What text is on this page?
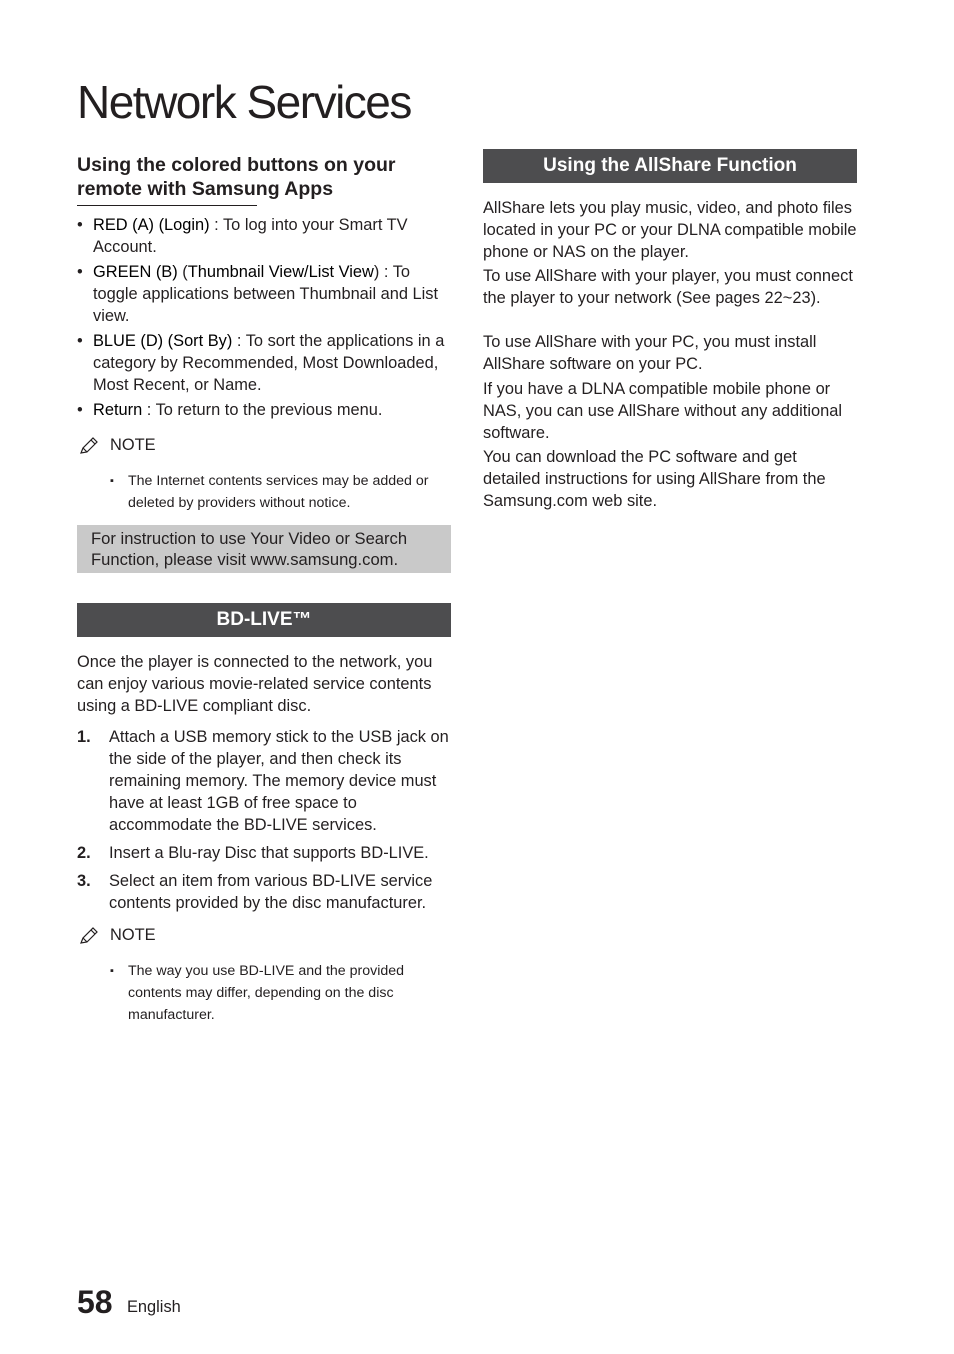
Network Services
Using the colored buttons on your remote with Samsung Apps
• RED (A) (Login) : To log into your Smart TV Account.
• GREEN (B) (Thumbnail View/List View) : To toggle applications between Thumbnail and List view.
• BLUE (D) (Sort By) : To sort the applications in a category by Recommended, Most Downloaded, Most Recent, or Name.
• Return : To return to the previous menu.
NOTE
▪ The Internet contents services may be added or deleted by providers without notice.
For instruction to use Your Video or Search Function, please visit www.samsung.com.
BD-LIVE™

Once the player is connected to the network, you can enjoy various movie-related service contents using a BD-LIVE compliant disc.

1. Attach a USB memory stick to the USB jack on the side of the player, and then check its remaining memory. The memory device must have at least 1GB of free space to accommodate the BD-LIVE services.
2. Insert a Blu-ray Disc that supports BD-LIVE.
3. Select an item from various BD-LIVE service contents provided by the disc manufacturer.
NOTE
▪ The way you use BD-LIVE and the provided contents may differ, depending on the disc manufacturer.
Using the AllShare Function

AllShare lets you play music, video, and photo files located in your PC or your DLNA compatible mobile phone or NAS on the player.

To use AllShare with your player, you must connect the player to your network (See pages 22~23).

To use AllShare with your PC, you must install AllShare software on your PC.

If you have a DLNA compatible mobile phone or NAS, you can use AllShare without any additional software.

You can download the PC software and get detailed instructions for using AllShare from the Samsung.com web site.

58 English
